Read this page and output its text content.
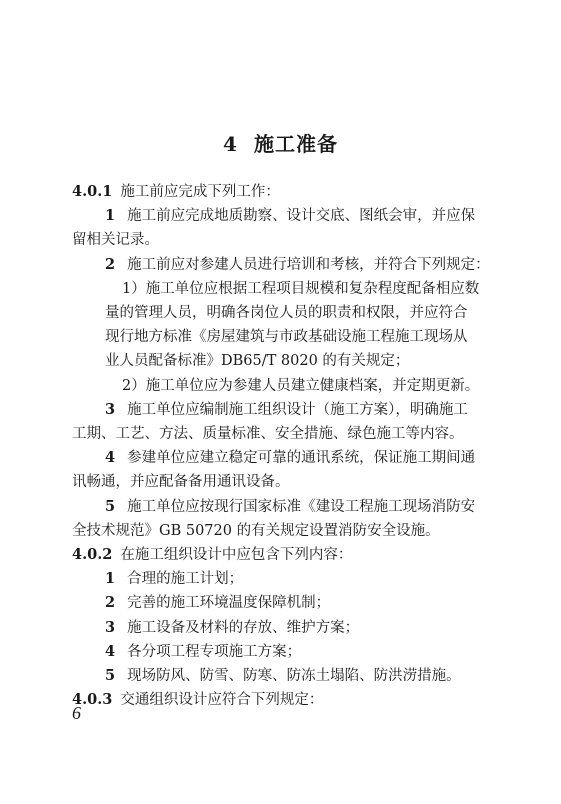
4 施工准备
4.0.1 施工前应完成下列工作：
1 施工前应完成地质勘察、设计交底、图纸会审，并应保
留相关记录。
2 施工前应对参建人员进行培训和考核，并符合下列规定：
1）施工单位应根据工程项目规模和复杂程度配备相应数
量的管理人员，明确各岗位人员的职责和权限，并应符合
现行地方标准《房屋建筑与市政基础设施工程施工现场从
业人员配备标准》DB65/T 8020 的有关规定；
2）施工单位应为参建人员建立健康档案，并定期更新。
3 施工单位应编制施工组织设计（施工方案），明确施工
工期、工艺、方法、质量标准、安全措施、绿色施工等内容。
4 参建单位应建立稳定可靠的通讯系统，保证施工期间通
讯畅通，并应配备备用通讯设备。
5 施工单位应按现行国家标准《建设工程施工现场消防安
全技术规范》GB 50720 的有关规定设置消防安全设施。
4.0.2 在施工组织设计中应包含下列内容：
1 合理的施工计划；
2 完善的施工环境温度保障机制；
3 施工设备及材料的存放、维护方案；
4 各分项工程专项施工方案；
5 现场防风、防雪、防寒、防冻土塌陷、防洪涝措施。
4.0.3 交通组织设计应符合下列规定：
6
